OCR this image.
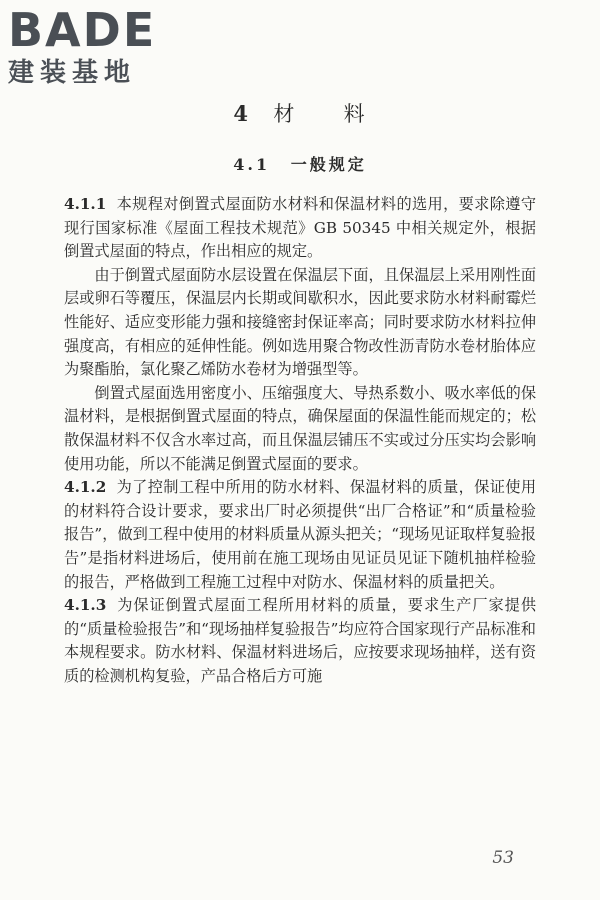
BADE
建装基地
4 材 料
4.1 一般规定

4.1.1 本规程对倒置式屋面防水材料和保温材料的选用，要求除遵守现行国家标准《屋面工程技术规范》GB 50345 中相关规定外，根据倒置式屋面的特点，作出相应的规定。

由于倒置式屋面防水层设置在保温层下面，且保温层上采用刚性面层或卵石等覆压，保温层内长期或间歇积水，因此要求防水材料耐霉烂性能好、适应变形能力强和接缝密封保证率高；同时要求防水材料拉伸强度高，有相应的延伸性能。例如选用聚合物改性沥青防水卷材胎体应为聚酯胎，氯化聚乙烯防水卷材为增强型等。

倒置式屋面选用密度小、压缩强度大、导热系数小、吸水率低的保温材料，是根据倒置式屋面的特点，确保屋面的保温性能而规定的；松散保温材料不仅含水率过高，而且保温层铺压不实或过分压实均会影响使用功能，所以不能满足倒置式屋面的要求。

4.1.2 为了控制工程中所用的防水材料、保温材料的质量，保证使用的材料符合设计要求，要求出厂时必须提供“出厂合格证”和“质量检验报告”，做到工程中使用的材料质量从源头把关；“现场见证取样复验报告”是指材料进场后，使用前在施工现场由见证员见证下随机抽样检验的报告，严格做到工程施工过程中对防水、保温材料的质量把关。

4.1.3 为保证倒置式屋面工程所用材料的质量，要求生产厂家提供的“质量检验报告”和“现场抽样复验报告”均应符合国家现行产品标准和本规程要求。防水材料、保温材料进场后，应按要求现场抽样，送有资质的检测机构复验，产品合格后方可施

53
